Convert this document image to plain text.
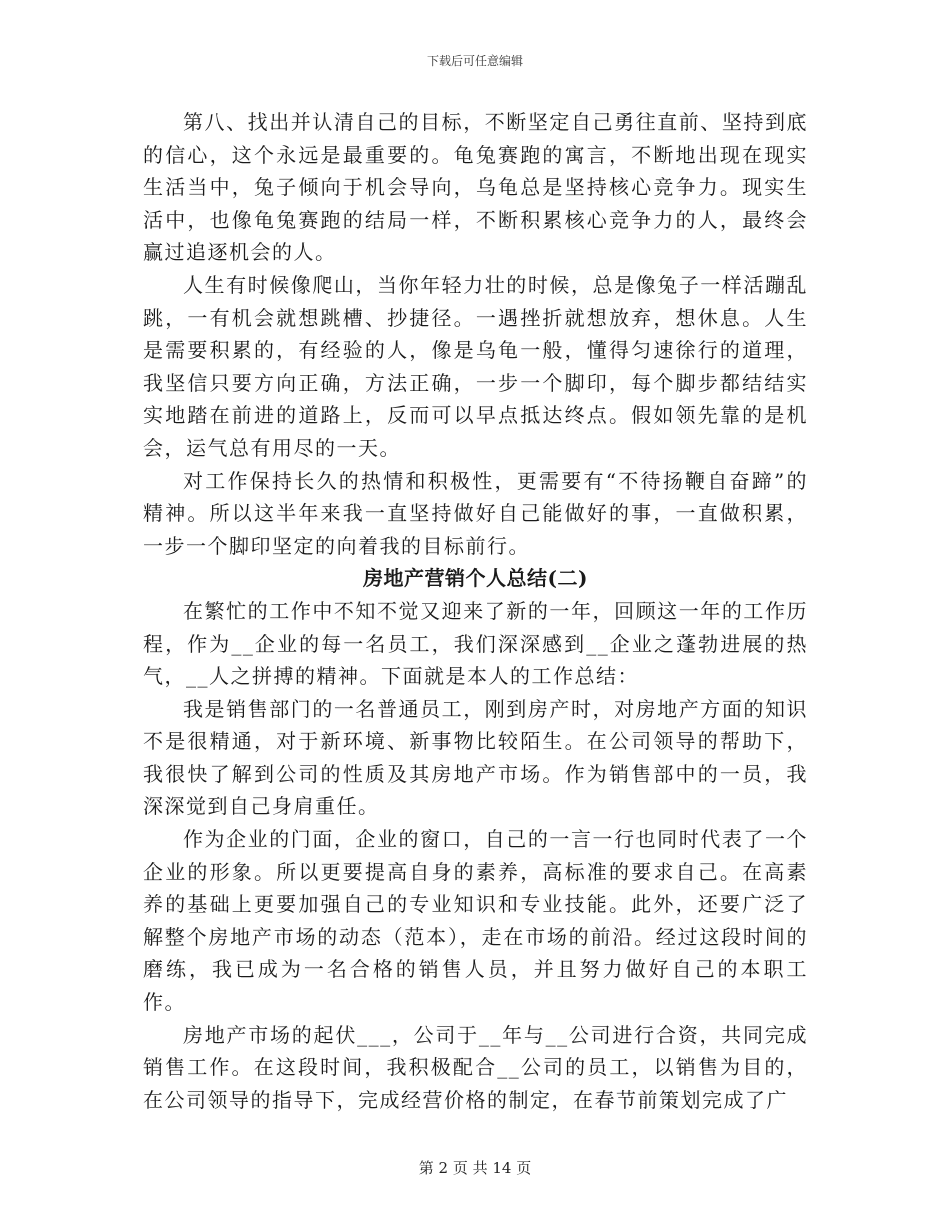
下载后可任意编辑

第八、找出并认清自己的目标，不断坚定自己勇往直前、坚持到底的信心，这个永远是最重要的。龟兔赛跑的寓言，不断地出现在现实生活当中，兔子倾向于机会导向，乌龟总是坚持核心竞争力。现实生活中，也像龟兔赛跑的结局一样，不断积累核心竞争力的人，最终会赢过追逐机会的人。

人生有时候像爬山，当你年轻力壮的时候，总是像兔子一样活蹦乱跳，一有机会就想跳槽、抄捷径。一遇挫折就想放弃，想休息。人生是需要积累的，有经验的人，像是乌龟一般，懂得匀速徐行的道理，我坚信只要方向正确，方法正确，一步一个脚印，每个脚步都结结实实地踏在前进的道路上，反而可以早点抵达终点。假如领先靠的是机会，运气总有用尽的一天。

对工作保持长久的热情和积极性，更需要有“不待扬鞭自奋蹄”的精神。所以这半年来我一直坚持做好自己能做好的事，一直做积累，一步一个脚印坚定的向着我的目标前行。

房地产营销个人总结(二)

在繁忙的工作中不知不觉又迎来了新的一年，回顾这一年的工作历程，作为__企业的每一名员工，我们深深感到__企业之蓬勃进展的热气，__人之拼搏的精神。下面就是本人的工作总结：

我是销售部门的一名普通员工，刚到房产时，对房地产方面的知识不是很精通，对于新环境、新事物比较陌生。在公司领导的帮助下，我很快了解到公司的性质及其房地产市场。作为销售部中的一员，我深深觉到自己身肩重任。

作为企业的门面，企业的窗口，自己的一言一行也同时代表了一个企业的形象。所以更要提高自身的素养，高标准的要求自己。在高素养的基础上更要加强自己的专业知识和专业技能。此外，还要广泛了解整个房地产市场的动态（范本），走在市场的前沿。经过这段时间的磨练，我已成为一名合格的销售人员，并且努力做好自己的本职工作。

房地产市场的起伏___，公司于__年与__公司进行合资，共同完成销售工作。在这段时间，我积极配合__公司的员工，以销售为目的，在公司领导的指导下，完成经营价格的制定，在春节前策划完成了广

第 2 页 共 14 页
